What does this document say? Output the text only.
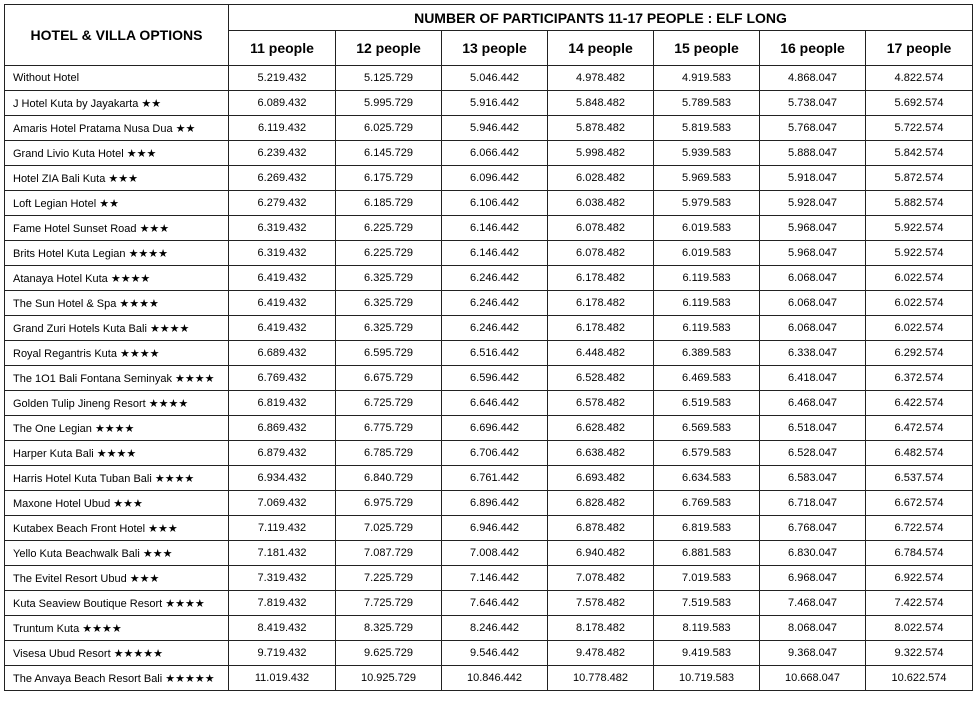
HOTEL & VILLA OPTIONS	NUMBER OF PARTICIPANTS 11-17 PEOPLE : ELF LONG						
	11 people	12 people	13 people	14 people	15 people	16 people	17 people
Without Hotel	5.219.432	5.125.729	5.046.442	4.978.482	4.919.583	4.868.047	4.822.574
J Hotel Kuta by Jayakarta ★★	6.089.432	5.995.729	5.916.442	5.848.482	5.789.583	5.738.047	5.692.574
Amaris Hotel Pratama Nusa Dua ★★	6.119.432	6.025.729	5.946.442	5.878.482	5.819.583	5.768.047	5.722.574
Grand Livio Kuta Hotel ★★★	6.239.432	6.145.729	6.066.442	5.998.482	5.939.583	5.888.047	5.842.574
Hotel ZIA Bali Kuta ★★★	6.269.432	6.175.729	6.096.442	6.028.482	5.969.583	5.918.047	5.872.574
Loft Legian Hotel ★★	6.279.432	6.185.729	6.106.442	6.038.482	5.979.583	5.928.047	5.882.574
Fame Hotel Sunset Road ★★★	6.319.432	6.225.729	6.146.442	6.078.482	6.019.583	5.968.047	5.922.574
Brits Hotel Kuta Legian ★★★★	6.319.432	6.225.729	6.146.442	6.078.482	6.019.583	5.968.047	5.922.574
Atanaya Hotel Kuta ★★★★	6.419.432	6.325.729	6.246.442	6.178.482	6.119.583	6.068.047	6.022.574
The Sun Hotel & Spa ★★★★	6.419.432	6.325.729	6.246.442	6.178.482	6.119.583	6.068.047	6.022.574
Grand Zuri Hotels Kuta Bali ★★★★	6.419.432	6.325.729	6.246.442	6.178.482	6.119.583	6.068.047	6.022.574
Royal Regantris Kuta ★★★★	6.689.432	6.595.729	6.516.442	6.448.482	6.389.583	6.338.047	6.292.574
The 1O1 Bali Fontana Seminyak ★★★★	6.769.432	6.675.729	6.596.442	6.528.482	6.469.583	6.418.047	6.372.574
Golden Tulip Jineng Resort ★★★★	6.819.432	6.725.729	6.646.442	6.578.482	6.519.583	6.468.047	6.422.574
The One Legian ★★★★	6.869.432	6.775.729	6.696.442	6.628.482	6.569.583	6.518.047	6.472.574
Harper Kuta Bali ★★★★	6.879.432	6.785.729	6.706.442	6.638.482	6.579.583	6.528.047	6.482.574
Harris Hotel Kuta Tuban Bali ★★★★	6.934.432	6.840.729	6.761.442	6.693.482	6.634.583	6.583.047	6.537.574
Maxone Hotel Ubud ★★★	7.069.432	6.975.729	6.896.442	6.828.482	6.769.583	6.718.047	6.672.574
Kutabex Beach Front Hotel ★★★	7.119.432	7.025.729	6.946.442	6.878.482	6.819.583	6.768.047	6.722.574
Yello Kuta Beachwalk Bali ★★★	7.181.432	7.087.729	7.008.442	6.940.482	6.881.583	6.830.047	6.784.574
The Evitel Resort Ubud ★★★	7.319.432	7.225.729	7.146.442	7.078.482	7.019.583	6.968.047	6.922.574
Kuta Seaview Boutique Resort ★★★★	7.819.432	7.725.729	7.646.442	7.578.482	7.519.583	7.468.047	7.422.574
Truntum Kuta ★★★★	8.419.432	8.325.729	8.246.442	8.178.482	8.119.583	8.068.047	8.022.574
Visesa Ubud Resort ★★★★★	9.719.432	9.625.729	9.546.442	9.478.482	9.419.583	9.368.047	9.322.574
The Anvaya Beach Resort Bali ★★★★★	11.019.432	10.925.729	10.846.442	10.778.482	10.719.583	10.668.047	10.622.574
